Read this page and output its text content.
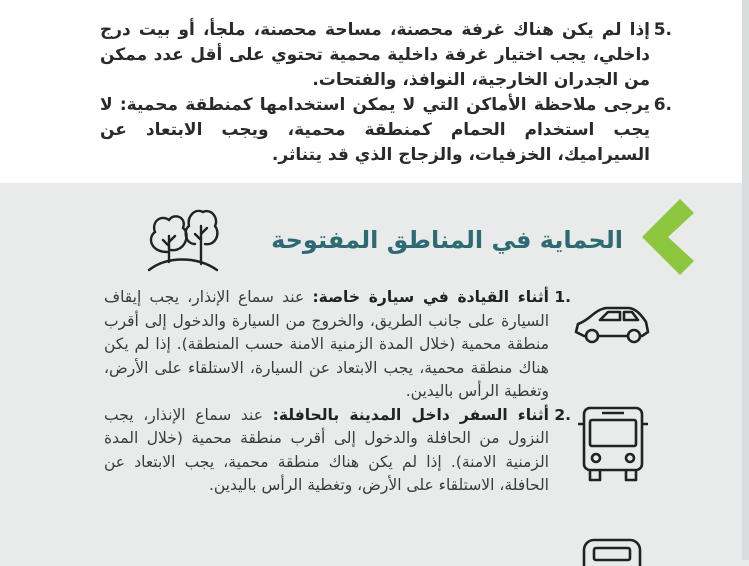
.5
إذا لم يكن هناك غرفة محصنة، مساحة محصنة، ملجأ، أو بيت درج داخلي، يجب اختيار غرفة داخلية محمية تحتوي على أقل عدد ممكن من الجدران الخارجية، النوافذ، والفتحات.
.6
يرجى ملاحظة الأماكن التي لا يمكن استخدامها كمنطقة محمية: لا يجب استخدام الحمام كمنطقة محمية، ويجب الابتعاد عن السيراميك، الخزفيات، والزجاج الذي قد يتناثر.
الحماية في المناطق المفتوحة
.1
أثناء القيادة في سيارة خاصة: عند سماع الإنذار، يجب إيقاف السيارة على جانب الطريق، والخروج من السيارة والدخول إلى أقرب منطقة محمية (خلال المدة الزمنية الامنة حسب المنطقة). إذا لم يكن هناك منطقة محمية، يجب الابتعاد عن السيارة، الاستلقاء على الأرض، وتغطية الرأس باليدين.
.2
أثناء السفر داخل المدينة بالحافلة: عند سماع الإنذار، يجب النزول من الحافلة والدخول إلى أقرب منطقة محمية (خلال المدة الزمنية الامنة). إذا لم يكن هناك منطقة محمية، يجب الابتعاد عن الحافلة، الاستلقاء على الأرض، وتغطية الرأس باليدين.
